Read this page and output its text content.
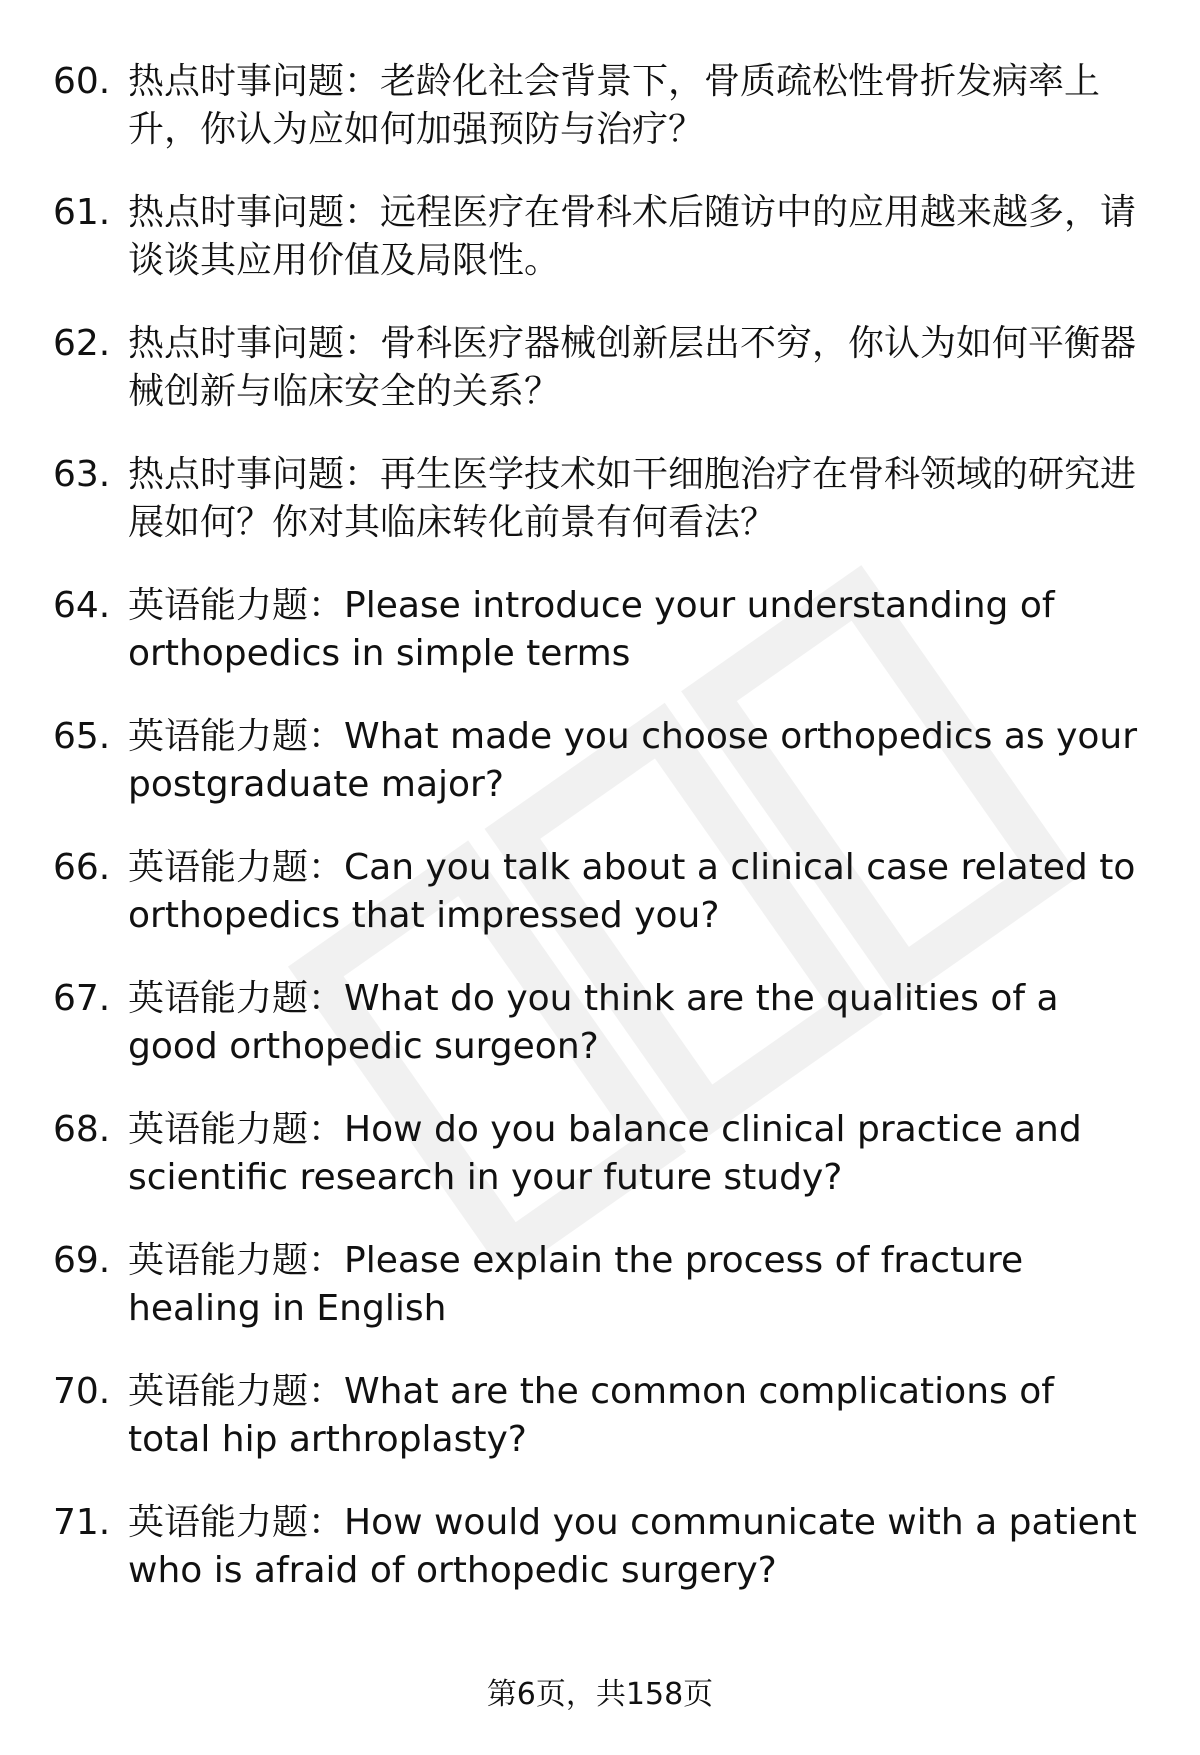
60. 热点时事问题：老龄化社会背景下，骨质疏松性骨折发病率上升，你认为应如何加强预防与治疗？
61. 热点时事问题：远程医疗在骨科术后随访中的应用越来越多，请谈谈其应用价值及局限性。
62. 热点时事问题：骨科医疗器械创新层出不穷，你认为如何平衡器械创新与临床安全的关系？
63. 热点时事问题：再生医学技术如干细胞治疗在骨科领域的研究进展如何？你对其临床转化前景有何看法？
64. 英语能力题：Please introduce your understanding of orthopedics in simple terms
65. 英语能力题：What made you choose orthopedics as your postgraduate major?
66. 英语能力题：Can you talk about a clinical case related to orthopedics that impressed you?
67. 英语能力题：What do you think are the qualities of a good orthopedic surgeon?
68. 英语能力题：How do you balance clinical practice and scientific research in your future study?
69. 英语能力题：Please explain the process of fracture healing in English
70. 英语能力题：What are the common complications of total hip arthroplasty?
71. 英语能力题：How would you communicate with a patient who is afraid of orthopedic surgery?
第6页，共158页
